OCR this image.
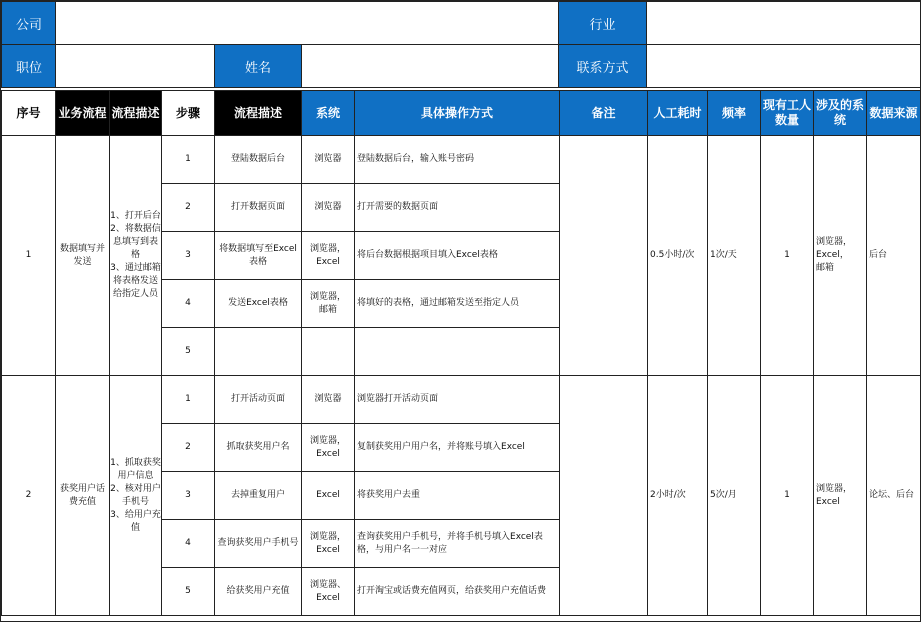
公司				行业	
职位		姓名		联系方式	
序号	业务流程	流程描述	步骤	流程描述	系统	具体操作方式	备注	人工耗时	频率	现有工人数量	涉及的系统	数据来源
1	数据填写并发送	1、打开后台
2、将数据信息填写到表格
3、通过邮箱将表格发送给指定人员	1	登陆数据后台	浏览器	登陆数据后台，输入账号密码		0.5小时/次	1次/天	1	浏览器，
Excel，
邮箱	后台
			2	打开数据页面	浏览器	打开需要的数据页面						
			3	将数据填写至Excel表格	浏览器，
Excel	将后台数据根据项目填入Excel表格						
			4	发送Excel表格	浏览器，
邮箱	将填好的表格，通过邮箱发送至指定人员						
			5									
2	获奖用户话费充值	1、抓取获奖用户信息
2、核对用户手机号
3、给用户充值	1	打开活动页面	浏览器	浏览器打开活动页面		2小时/次	5次/月	1	浏览器，
Excel	论坛、后台
			2	抓取获奖用户名	浏览器，
Excel	复制获奖用户用户名，并将账号填入Excel						
			3	去掉重复用户	Excel	将获奖用户去重						
			4	查询获奖用户手机号	浏览器，
Excel	查询获奖用户手机号，并将手机号填入Excel表格，与用户名一一对应						
			5	给获奖用户充值	浏览器、
Excel	打开淘宝或话费充值网页，给获奖用户充值话费						
